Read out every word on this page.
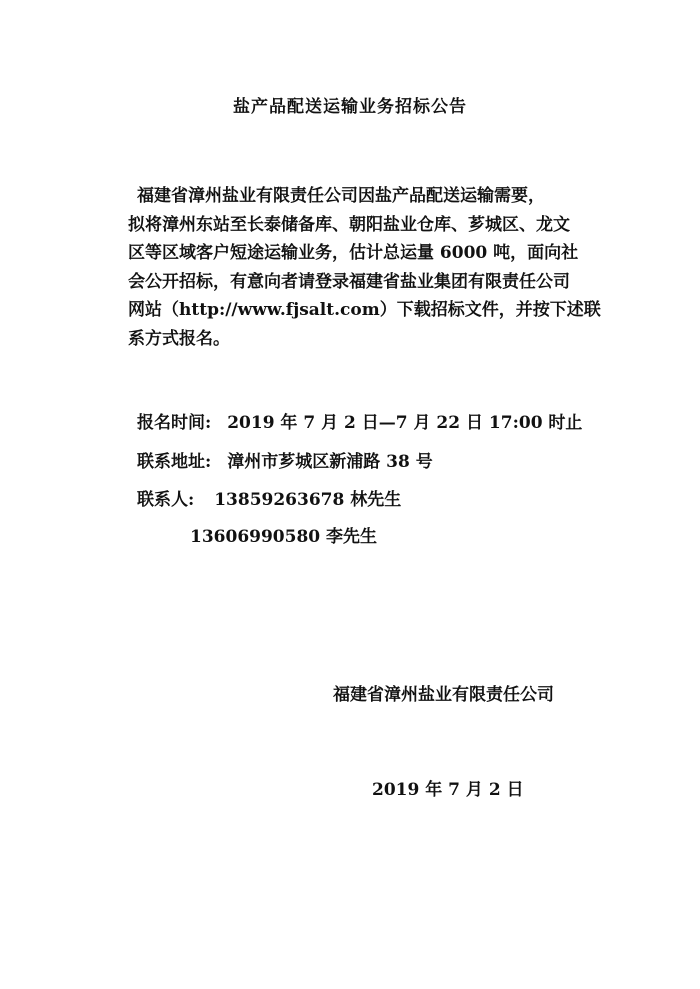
盐产品配送运输业务招标公告
福建省漳州盐业有限责任公司因盐产品配送运输需要，
拟将漳州东站至长泰储备库、朝阳盐业仓库、芗城区、龙文
区等区域客户短途运输业务，估计总运量 6000 吨，面向社
会公开招标，有意向者请登录福建省盐业集团有限责任公司
网站（http://www.fjsalt.com）下载招标文件，并按下述联
系方式报名。
报名时间: 2019 年 7 月 2 日—7 月 22 日 17:00 时止
联系地址: 漳州市芗城区新浦路 38 号
联系人: 13859263678 林先生
13606990580 李先生
福建省漳州盐业有限责任公司
2019 年 7 月 2 日
